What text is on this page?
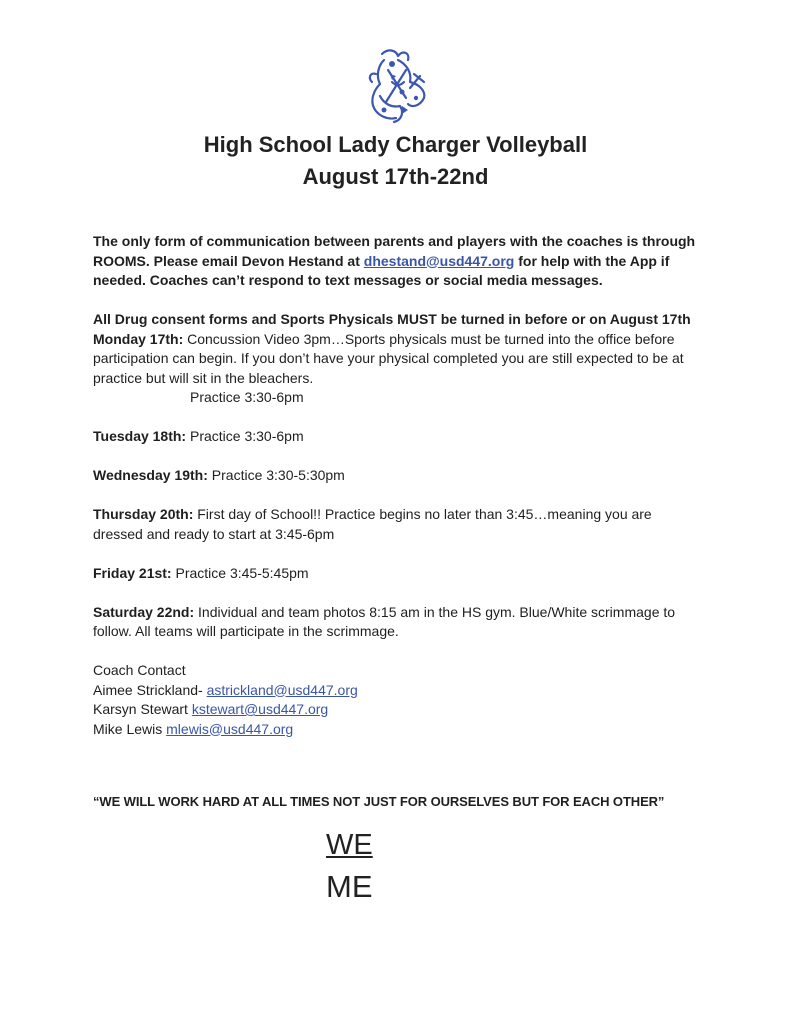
High School Lady Charger Volleyball
August 17th-22nd

The only form of communication between parents and players with the coaches is through ROOMS. Please email Devon Hestand at dhestand@usd447.org for help with the App if needed. Coaches can’t respond to text messages or social media messages.

All Drug consent forms and Sports Physicals MUST be turned in before or on August 17th

Monday 17th: Concussion Video 3pm…Sports physicals must be turned into the office before participation can begin. If you don’t have your physical completed you are still expected to be at practice but will sit in the bleachers.

Practice 3:30-6pm

Tuesday 18th: Practice 3:30-6pm

Wednesday 19th: Practice 3:30-5:30pm

Thursday 20th: First day of School!! Practice begins no later than 3:45…meaning you are dressed and ready to start at 3:45-6pm

Friday 21st: Practice 3:45-5:45pm

Saturday 22nd: Individual and team photos 8:15 am in the HS gym. Blue/White scrimmage to follow. All teams will participate in the scrimmage.

Coach Contact

Aimee Strickland- astrickland@usd447.org

Karsyn Stewart kstewart@usd447.org

Mike Lewis mlewis@usd447.org

“WE WILL WORK HARD AT ALL TIMES NOT JUST FOR OURSELVES BUT FOR EACH OTHER”
WE
ME
